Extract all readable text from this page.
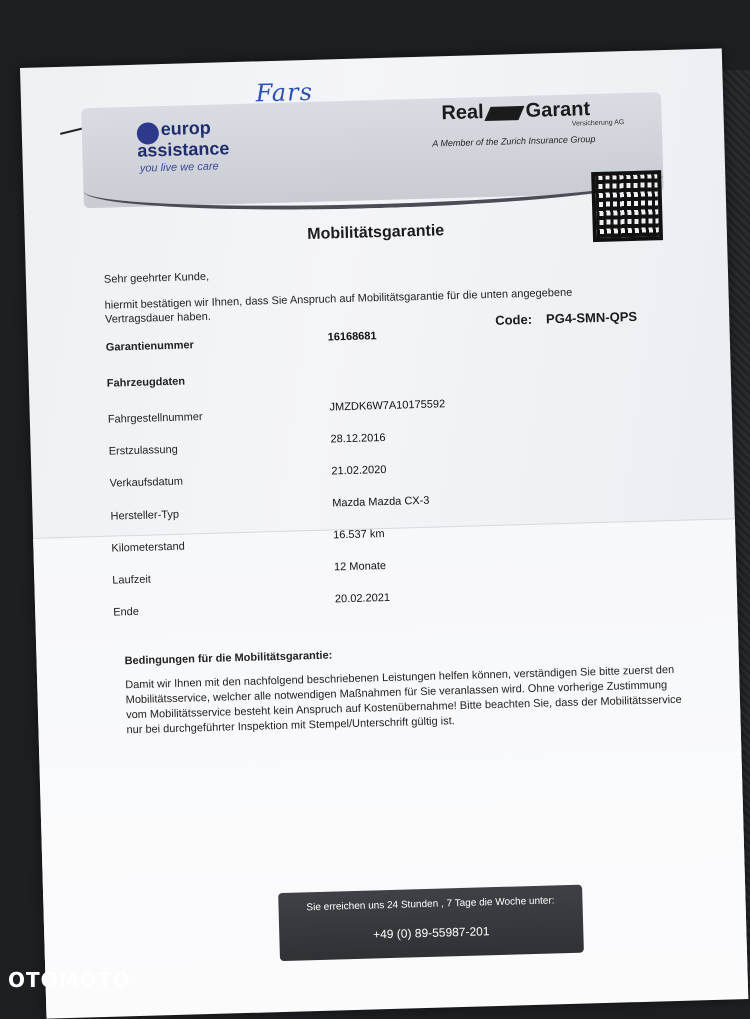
Fars
europ
assistance
you live we care
Real Garant
Versicherung AG
A Member of the Zurich Insurance Group
Mobilitätsgarantie
Sehr geehrter Kunde,
hiermit bestätigen wir Ihnen, dass Sie Anspruch auf Mobilitätsgarantie für die unten angegebene
Vertragsdauer haben.	Code: PG4-SMN-QPS
Garantienummer
16168681
Fahrzeugdaten
Fahrgestellnummer
JMZDK6W7A10175592
Erstzulassung
28.12.2016
Verkaufsdatum
21.02.2020
Hersteller-Typ
Mazda Mazda CX-3
Kilometerstand
16.537 km
Laufzeit
12 Monate
Ende
20.02.2021
Bedingungen für die Mobilitätsgarantie:
Damit wir Ihnen mit den nachfolgend beschriebenen Leistungen helfen können, verständigen Sie bitte zuerst den Mobilitätsservice, welcher alle notwendigen Maßnahmen für Sie veranlassen wird. Ohne vorherige Zustimmung vom Mobilitätsservice besteht kein Anspruch auf Kostenübernahme! Bitte beachten Sie, dass der Mobilitätsservice nur bei durchgeführter Inspektion mit Stempel/Unterschrift gültig ist.
Sie erreichen uns 24 Stunden , 7 Tage die Woche unter:
+49 (0) 89-55987-201
OTOMOTO
